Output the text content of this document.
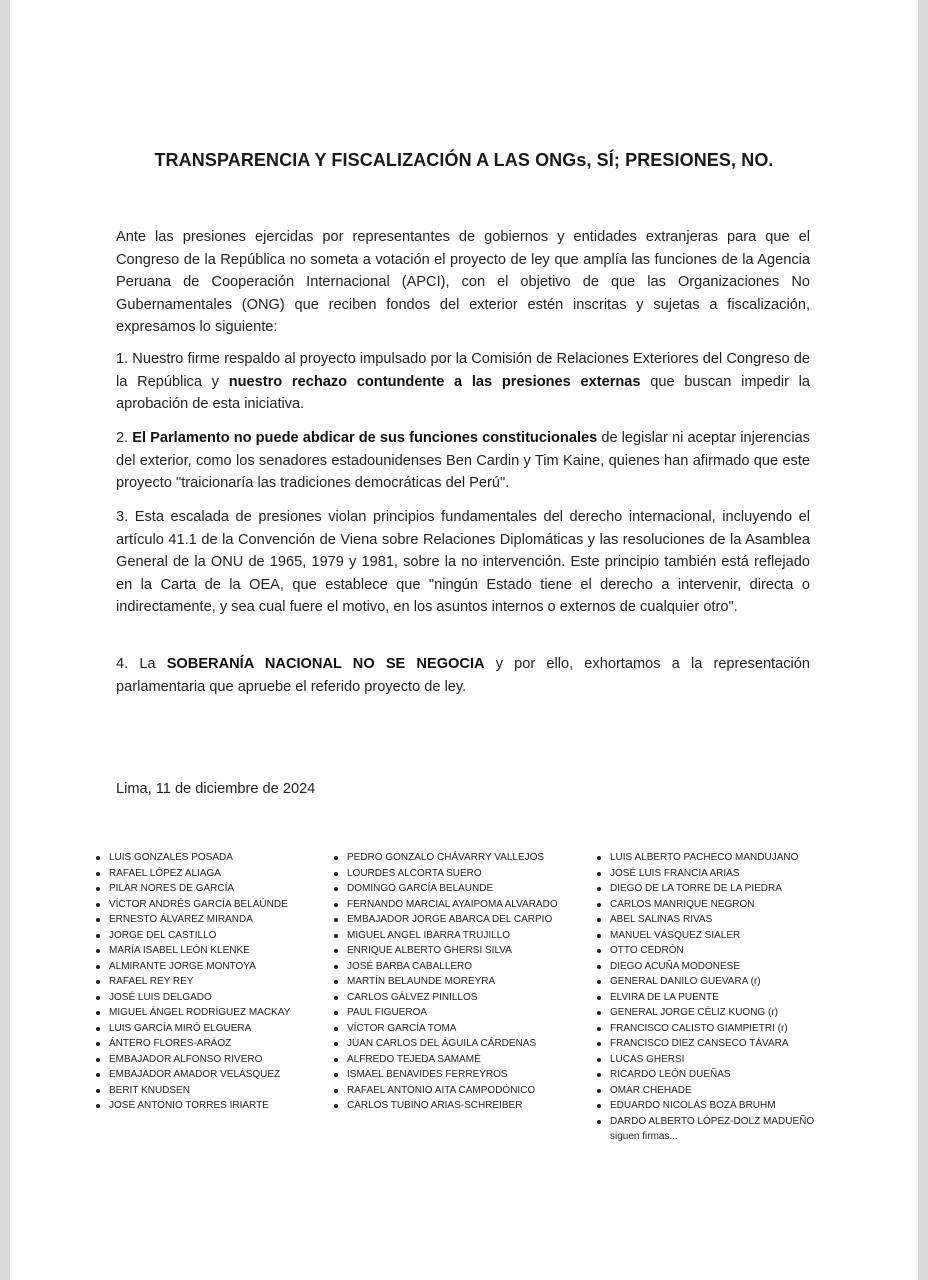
TRANSPARENCIA Y FISCALIZACIÓN A LAS ONGs, SÍ; PRESIONES, NO.

Ante las presiones ejercidas por representantes de gobiernos y entidades extranjeras para que el Congreso de la República no someta a votación el proyecto de ley que amplía las funciones de la Agencia Peruana de Cooperación Internacional (APCI), con el objetivo de que las Organizaciones No Gubernamentales (ONG) que reciben fondos del exterior estén inscritas y sujetas a fiscalización, expresamos lo siguiente:

1. Nuestro firme respaldo al proyecto impulsado por la Comisión de Relaciones Exteriores del Congreso de la República y nuestro rechazo contundente a las presiones externas que buscan impedir la aprobación de esta iniciativa.

2. El Parlamento no puede abdicar de sus funciones constitucionales de legislar ni aceptar injerencias del exterior, como los senadores estadounidenses Ben Cardin y Tim Kaine, quienes han afirmado que este proyecto "traicionaría las tradiciones democráticas del Perú".

3. Esta escalada de presiones violan principios fundamentales del derecho internacional, incluyendo el artículo 41.1 de la Convención de Viena sobre Relaciones Diplomáticas y las resoluciones de la Asamblea General de la ONU de 1965, 1979 y 1981, sobre la no intervención. Este principio también está reflejado en la Carta de la OEA, que establece que "ningún Estado tiene el derecho a intervenir, directa o indirectamente, y sea cual fuere el motivo, en los asuntos internos o externos de cualquier otro".

4. La SOBERANÍA NACIONAL NO SE NEGOCIA y por ello, exhortamos a la representación parlamentaria que apruebe el referido proyecto de ley.

Lima, 11 de diciembre de 2024
LUIS GONZALES POSADA
RAFAEL LÓPEZ ALIAGA
PILAR NORES DE GARCÍA
VÍCTOR ANDRÉS GARCÍA BELAÚNDE
ERNESTO ÁLVAREZ MIRANDA
JORGE DEL CASTILLO
MARÍA ISABEL LEÓN KLENKE
ALMIRANTE JORGE MONTOYA
RAFAEL REY REY
JOSÉ LUIS DELGADO
MIGUEL ÁNGEL RODRÍGUEZ MACKAY
LUIS GARCÍA MIRÓ ELGUERA
ÁNTERO FLORES-ARÁOZ
EMBAJADOR ALFONSO RIVERO
EMBAJADOR AMADOR VELÁSQUEZ
BERIT KNUDSEN
JOSÉ ANTONIO TORRES IRIARTE
PEDRO GONZALO CHÁVARRY VALLEJOS
LOURDES ALCORTA SUERO
DOMINGO GARCÍA BELAUNDE
FERNANDO MARCIAL AYAIPOMA ALVARADO
EMBAJADOR JORGE ABARCA DEL CARPIO
MIGUEL ANGEL IBARRA TRUJILLO
ENRIQUE ALBERTO GHERSI SILVA
JOSÉ BARBA CABALLERO
MARTÍN BELAUNDE MOREYRA
CARLOS GÁLVEZ PINILLOS
PAUL FIGUEROA
VÍCTOR GARCÍA TOMA
JUAN CARLOS DEL ÁGUILA CÁRDENAS
ALFREDO TEJEDA SAMAMÉ
ISMAEL BENAVIDES FERREYROS
RAFAEL ANTONIO AITA CAMPODÓNICO
CARLOS TUBINO ARIAS-SCHREIBER
LUIS ALBERTO PACHECO MANDUJANO
JOSÉ LUIS FRANCIA ARIAS
DIEGO DE LA TORRE DE LA PIEDRA
CARLOS MANRIQUE NEGRON
ABEL SALINAS RIVAS
MANUEL VÁSQUEZ SIALER
OTTO CEDRÓN
DIEGO ACUÑA MODONESE
GENERAL DANILO GUEVARA (r)
ELVIRA DE LA PUENTE
GENERAL JORGE CÉLIZ KUONG (r)
FRANCISCO CALISTO GIAMPIETRI (r)
FRANCISCO DIEZ CANSECO TÁVARA
LUCAS GHERSI
RICARDO LEÓN DUEÑAS
OMAR CHEHADE
EDUARDO NICOLÁS BOZA BRUHM
DARDO ALBERTO LÓPEZ-DOLZ MADUEÑO
siguen firmas...
